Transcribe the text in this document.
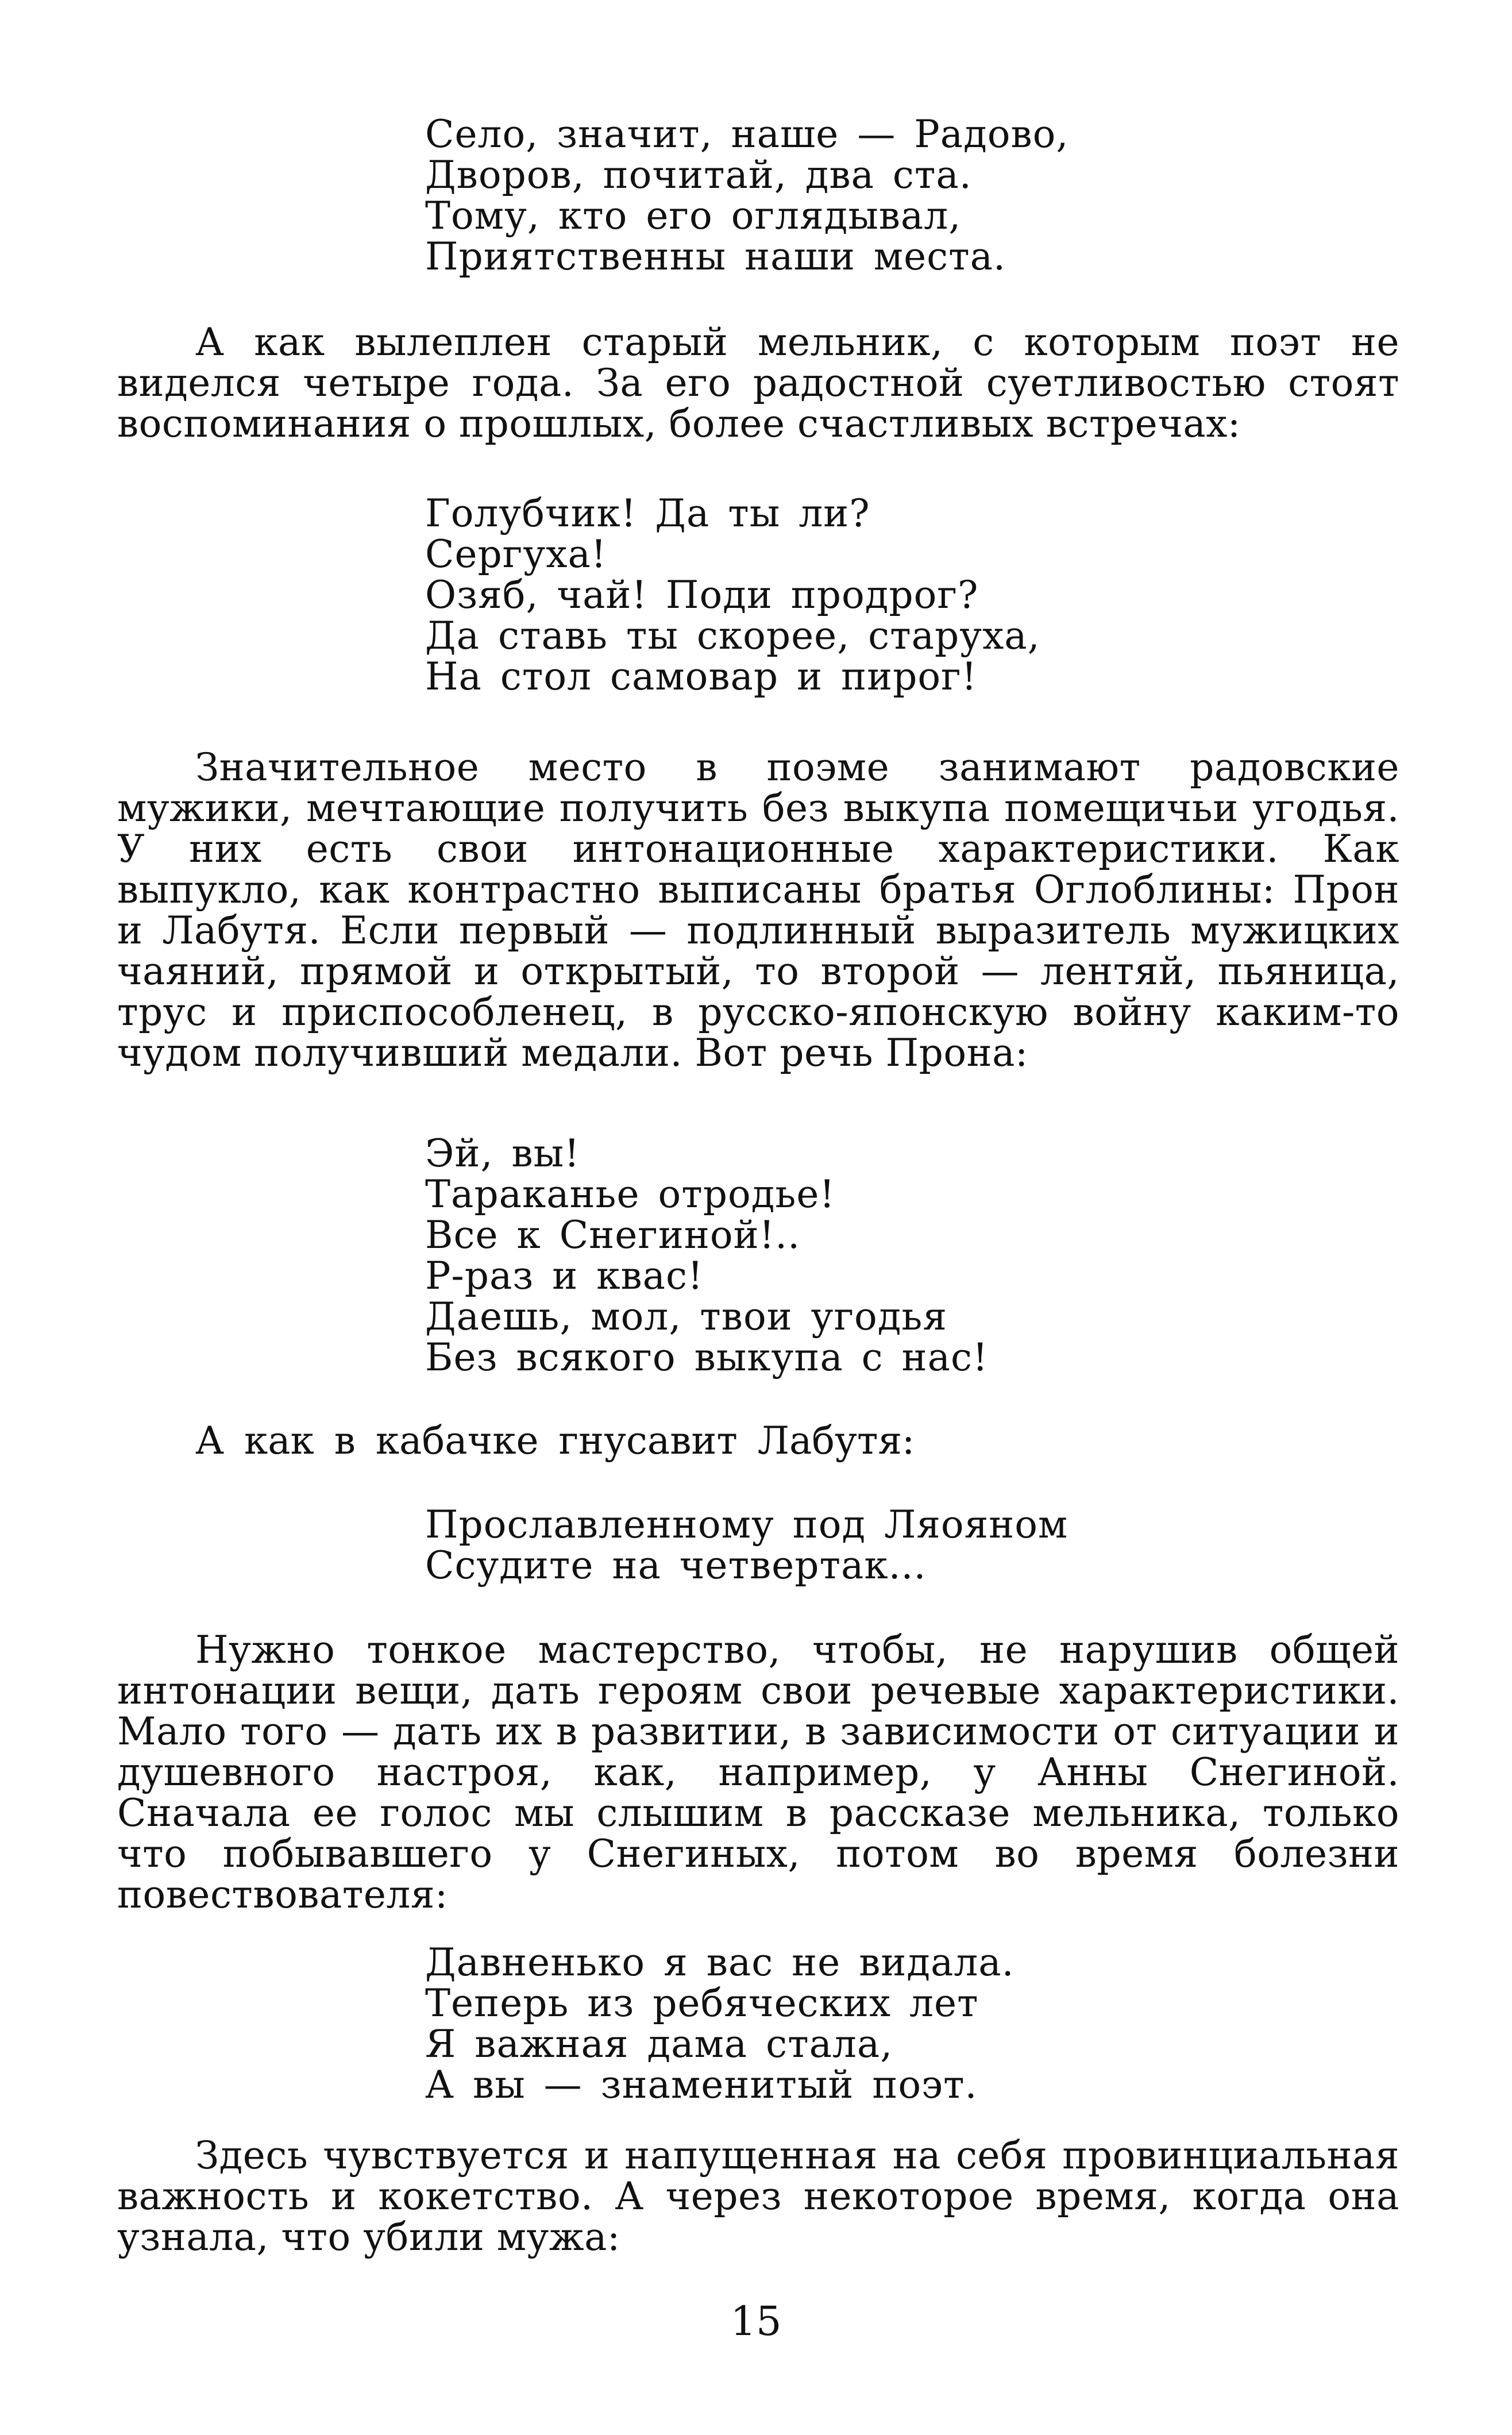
Село, значит, наше — Радово,
Дворов, почитай, два ста.
Тому, кто его оглядывал,
Приятственны наши места.

А как вылеплен старый мельник, с которым поэт не виделся четыре года. За его радостной суетливостью стоят воспоминания о прошлых, более счастливых встречах:

Голубчик! Да ты ли?
Сергуха!
Озяб, чай! Поди продрог?
Да ставь ты скорее, старуха,
На стол самовар и пирог!

Значительное место в поэме занимают радовские мужики, мечтающие получить без выкупа помещичьи угодья. У них есть свои интонационные характеристики. Как выпукло, как контрастно выписаны братья Оглоблины: Прон и Лабутя. Если первый — подлинный выразитель мужицких чаяний, прямой и открытый, то второй — лентяй, пьяница, трус и приспособленец, в русско-японскую войну каким-то чудом получивший медали. Вот речь Прона:

Эй, вы!
Тараканье отродье!
Все к Снегиной!..
Р-раз и квас!
Даешь, мол, твои угодья
Без всякого выкупа с нас!
А как в кабачке гнусавит Лабутя:
Прославленному под Ляояном
Ссудите на четвертак...

Нужно тонкое мастерство, чтобы, не нарушив общей интонации вещи, дать героям свои речевые характеристики. Мало того — дать их в развитии, в зависимости от ситуации и душевного настроя, как, например, у Анны Снегиной. Сначала ее голос мы слышим в рассказе мельника, только что побывавшего у Снегиных, потом во время болезни повествователя:

Давненько я вас не видала.
Теперь из ребяческих лет
Я важная дама стала,
А вы — знаменитый поэт.

Здесь чувствуется и напущенная на себя провинциальная важность и кокетство. А через некоторое время, когда она узнала, что убили мужа:

15
